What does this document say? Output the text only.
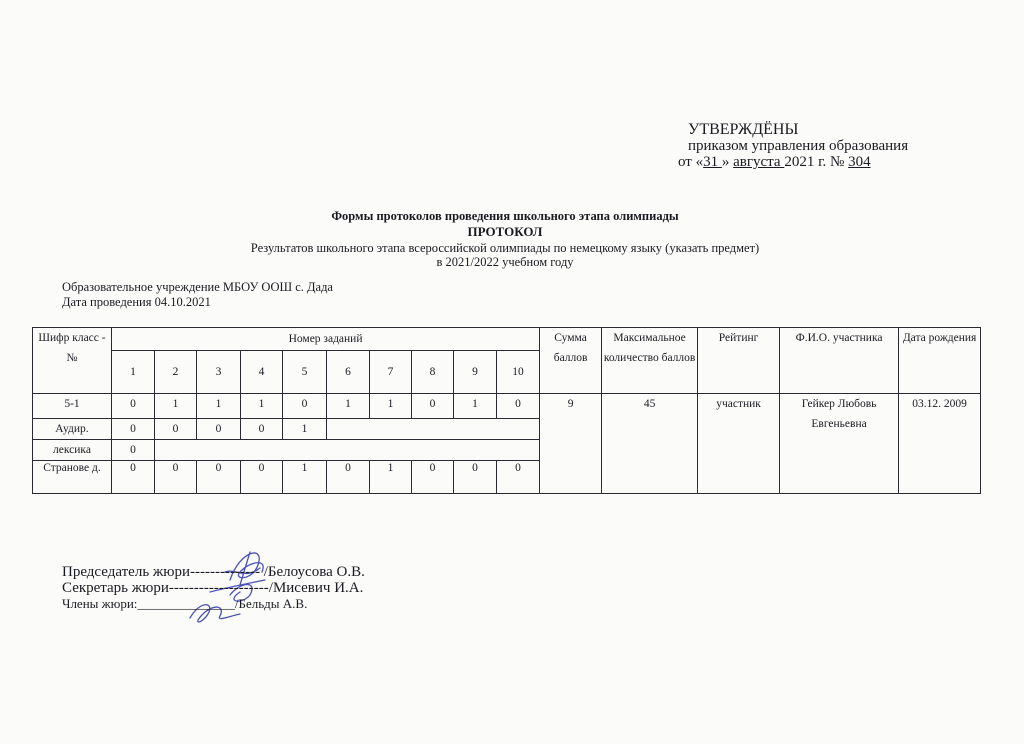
УТВЕРЖДЁНЫ
приказом управления образования
от «31 » августа 2021 г. № 304
Формы протоколов проведения школьного этапа олимпиады
ПРОТОКОЛ
Результатов школьного этапа всероссийской олимпиады по немецкому языку (указать предмет)
в 2021/2022 учебном году
Образовательное учреждение МБОУ ООШ с. Дада
Дата проведения 04.10.2021
Шифр класс -№	Номер заданий										Сумма баллов	Максимальное количество баллов	Рейтинг	Ф.И.О. участника	Дата рождения
	1	2	3	4	5	6	7	8	9	10					
5-1	0	1	1	1	0	1	1	0	1	0	9	45	участник	Гейкер Любовь Евгеньевна	03.12. 2009
Аудир.	0	0	0	0	1										
лексика	0														
Странове д.	0	0	0	0	1	0	1	0	0	0					
Председатель жюри-------------- /Белоусова О.В.
Секретарь жюри--------------------/Мисевич И.А.
Члены жюри:_______________/Бельды А.В.
